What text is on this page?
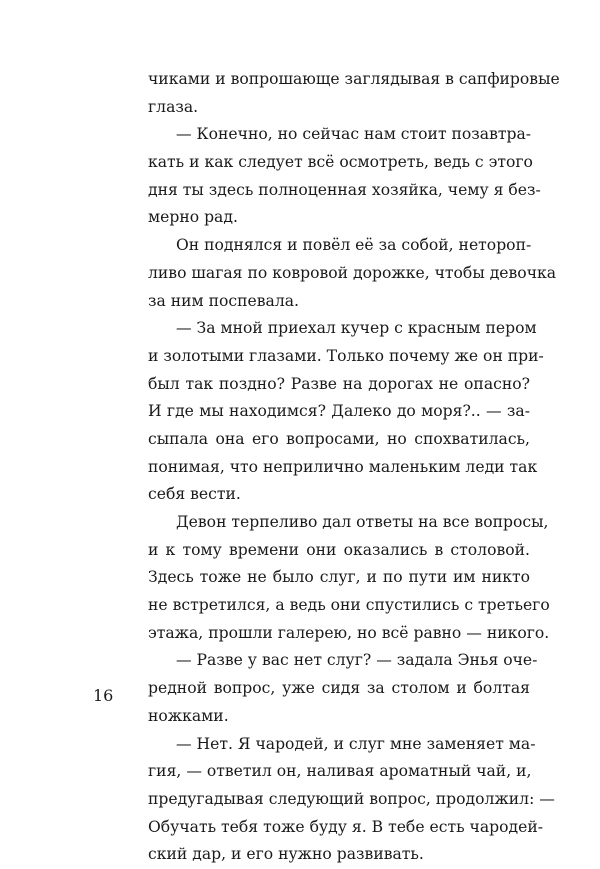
чиками и вопрошающе заглядывая в сапфировые
глаза.
— Конечно, но сейчас нам стоит позавтра-
кать и как следует всё осмотреть, ведь с этого
дня ты здесь полноценная хозяйка, чему я без-
мерно рад.
Он поднялся и повёл её за собой, нетороп-
ливо шагая по ковровой дорожке, чтобы девочка
за ним поспевала.
— За мной приехал кучер с красным пером
и золотыми глазами. Только почему же он при-
был так поздно? Разве на дорогах не опасно?
И где мы находимся? Далеко до моря?.. — за-
сыпала она его вопросами, но спохватилась,
понимая, что неприлично маленьким леди так
себя вести.
Девон терпеливо дал ответы на все вопросы,
и к тому времени они оказались в столовой.
Здесь тоже не было слуг, и по пути им никто
не встретился, а ведь они спустились с третьего
этажа, прошли галерею, но всё равно — никого.
— Разве у вас нет слуг? — задала Энья оче-
редной вопрос, уже сидя за столом и болтая
ножками.
— Нет. Я чародей, и слуг мне заменяет ма-
гия, — ответил он, наливая ароматный чай, и,
предугадывая следующий вопрос, продолжил: —
Обучать тебя тоже буду я. В тебе есть чародей-
ский дар, и его нужно развивать.
16
